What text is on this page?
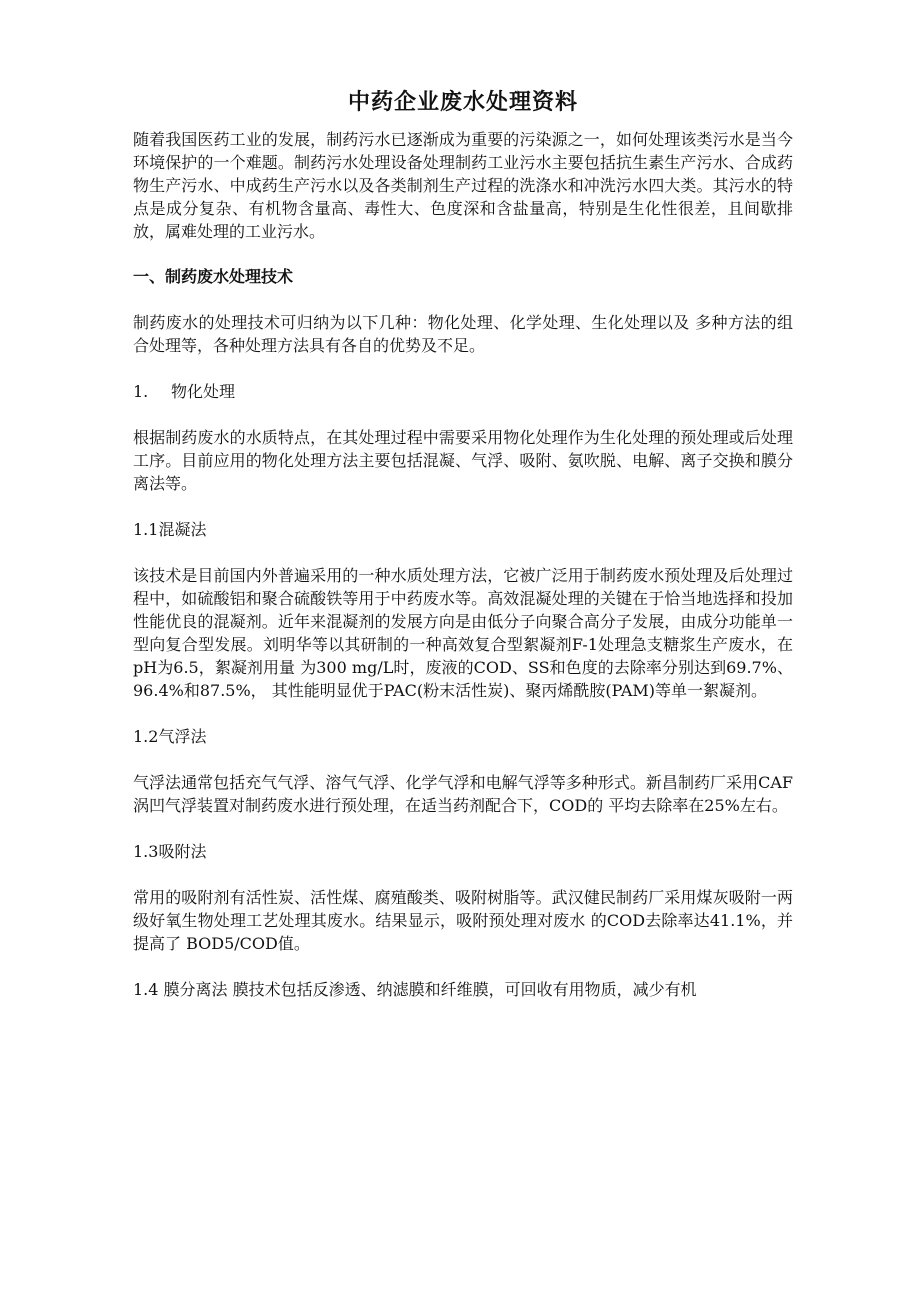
中药企业废水处理资料

随着我国医药工业的发展，制药污水已逐渐成为重要的污染源之一，如何处理该类污水是当今环境保护的一个难题。制药污水处理设备处理制药工业污水主要包括抗生素生产污水、合成药物生产污水、中成药生产污水以及各类制剂生产过程的洗涤水和冲洗污水四大类。其污水的特点是成分复杂、有机物含量高、毒性大、色度深和含盐量高，特别是生化性很差，且间歇排放，属难处理的工业污水。

一、制药废水处理技术

制药废水的处理技术可归纳为以下几种：物化处理、化学处理、生化处理以及 多种方法的组合处理等，各种处理方法具有各自的优势及不足。

1. 物化处理

根据制药废水的水质特点，在其处理过程中需要采用物化处理作为生化处理的预处理或后处理工序。目前应用的物化处理方法主要包括混凝、气浮、吸附、氨吹脱、电解、离子交换和膜分离法等。

1.1混凝法

该技术是目前国内外普遍采用的一种水质处理方法，它被广泛用于制药废水预处理及后处理过程中，如硫酸铝和聚合硫酸铁等用于中药废水等。高效混凝处理的关键在于恰当地选择和投加性能优良的混凝剂。近年来混凝剂的发展方向是由低分子向聚合高分子发展，由成分功能单一型向复合型发展。刘明华等以其研制的一种高效复合型絮凝剂F-1处理急支糖浆生产废水，在pH为6.5，絮凝剂用量 为300 mg/L时，废液的COD、SS和色度的去除率分别达到69.7%、96.4%和87.5%， 其性能明显优于PAC(粉末活性炭)、聚丙烯酰胺(PAM)等单一絮凝剂。

1.2气浮法

气浮法通常包括充气气浮、溶气气浮、化学气浮和电解气浮等多种形式。新昌制药厂采用CAF涡凹气浮装置对制药废水进行预处理，在适当药剂配合下，COD的 平均去除率在25%左右。

1.3吸附法

常用的吸附剂有活性炭、活性煤、腐殖酸类、吸附树脂等。武汉健民制药厂采用煤灰吸附一两级好氧生物处理工艺处理其废水。结果显示，吸附预处理对废水 的COD去除率达41.1%，并提高了 BOD5/COD值。

1.4 膜分离法 膜技术包括反渗透、纳滤膜和纤维膜，可回收有用物质，减少有机
